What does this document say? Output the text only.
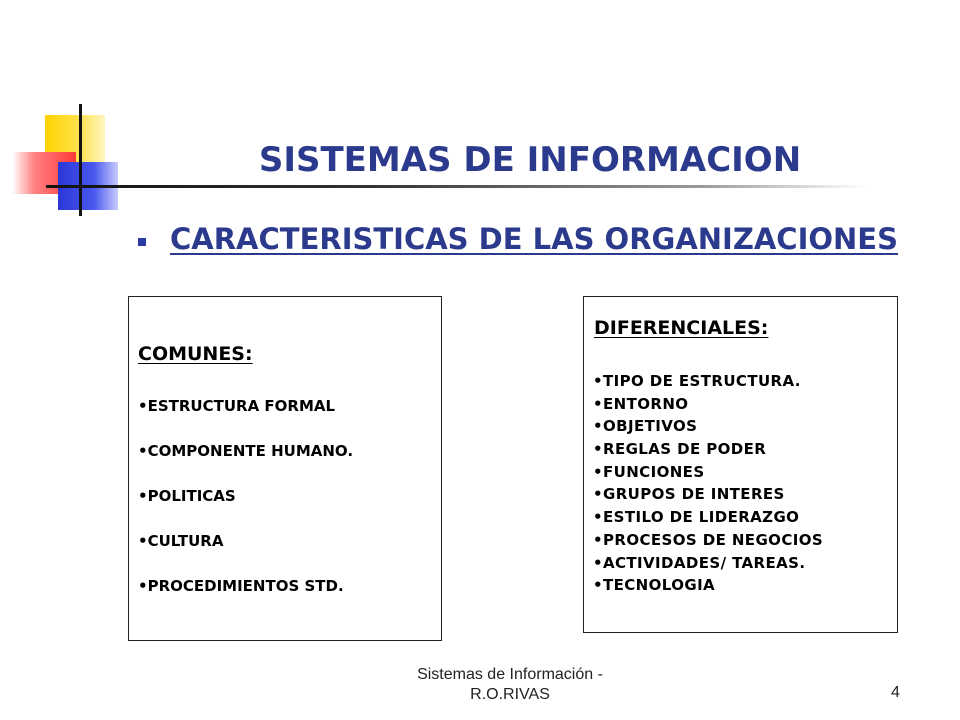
SISTEMAS DE INFORMACION
CARACTERISTICAS DE LAS ORGANIZACIONES
COMUNES:
• ESTRUCTURA FORMAL
• COMPONENTE HUMANO.
• POLITICAS
• CULTURA
• PROCEDIMIENTOS STD.
DIFERENCIALES:
• TIPO DE ESTRUCTURA.
• ENTORNO
• OBJETIVOS
• REGLAS DE PODER
• FUNCIONES
• GRUPOS DE INTERES
• ESTILO DE LIDERAZGO
• PROCESOS DE NEGOCIOS
• ACTIVIDADES/ TAREAS.
• TECNOLOGIA
Sistemas de Información -
R.O.RIVAS	4
